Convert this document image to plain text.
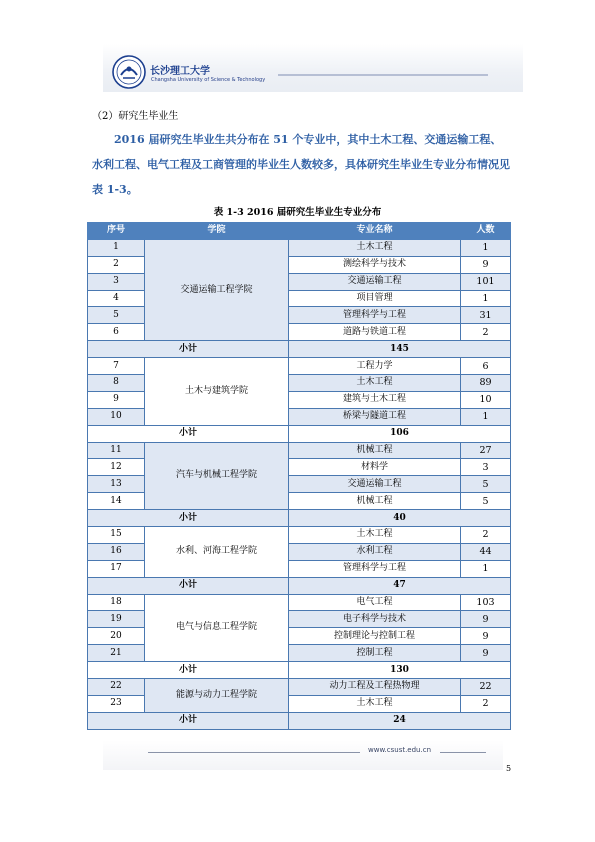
长沙理工大学
Changsha University of Science & Technology
（2）研究生毕业生
2016 届研究生毕业生共分布在 51 个专业中，其中土木工程、交通运输工程、水利工程、电气工程及工商管理的毕业生人数较多，具体研究生毕业生专业分布情况见表 1-3。
表 1-3 2016 届研究生毕业生专业分布
序号	学院	专业名称	人数
1	交通运输工程学院	土木工程	1
2		测绘科学与技术	9
3		交通运输工程	101
4		项目管理	1
5		管理科学与工程	31
6		道路与铁道工程	2
小计		145	
7	土木与建筑学院	工程力学	6
8		土木工程	89
9		建筑与土木工程	10
10		桥梁与隧道工程	1
小计		106	
11	汽车与机械工程学院	机械工程	27
12		材料学	3
13		交通运输工程	5
14		机械工程	5
小计		40	
15	水利、河海工程学院	土木工程	2
16		水利工程	44
17		管理科学与工程	1
小计		47	
18	电气与信息工程学院	电气工程	103
19		电子科学与技术	9
20		控制理论与控制工程	9
21		控制工程	9
小计		130	
22	能源与动力工程学院	动力工程及工程热物理	22
23		土木工程	2
小计		24	
www.csust.edu.cn
5
